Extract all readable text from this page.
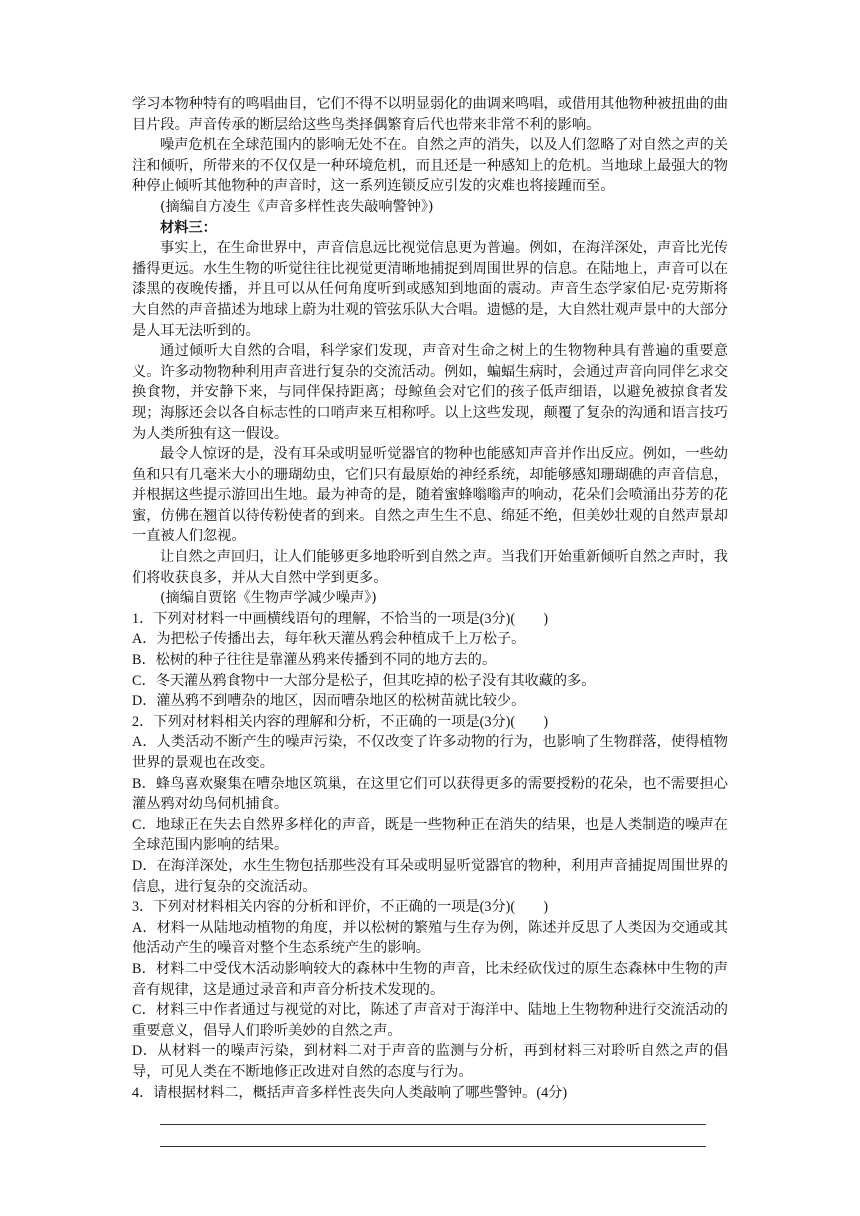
学习本物种特有的鸣唱曲目，它们不得不以明显弱化的曲调来鸣唱，或借用其他物种被扭曲的曲目片段。声音传承的断层给这些鸟类择偶繁育后代也带来非常不利的影响。

噪声危机在全球范围内的影响无处不在。自然之声的消失，以及人们忽略了对自然之声的关注和倾听，所带来的不仅仅是一种环境危机，而且还是一种感知上的危机。当地球上最强大的物种停止倾听其他物种的声音时，这一系列连锁反应引发的灾难也将接踵而至。

(摘编自方凌生《声音多样性丧失敲响警钟》)

材料三：

事实上，在生命世界中，声音信息远比视觉信息更为普遍。例如，在海洋深处，声音比光传播得更远。水生生物的听觉往往比视觉更清晰地捕捉到周围世界的信息。在陆地上，声音可以在漆黑的夜晚传播，并且可以从任何角度听到或感知到地面的震动。声音生态学家伯尼·克劳斯将大自然的声音描述为地球上蔚为壮观的管弦乐队大合唱。遗憾的是，大自然壮观声景中的大部分是人耳无法听到的。

通过倾听大自然的合唱，科学家们发现，声音对生命之树上的生物物种具有普遍的重要意义。许多动物物种利用声音进行复杂的交流活动。例如，蝙蝠生病时，会通过声音向同伴乞求交换食物，并安静下来，与同伴保持距离；母鲸鱼会对它们的孩子低声细语，以避免被掠食者发现；海豚还会以各自标志性的口哨声来互相称呼。以上这些发现，颠覆了复杂的沟通和语言技巧为人类所独有这一假设。

最令人惊讶的是，没有耳朵或明显听觉器官的物种也能感知声音并作出反应。例如，一些幼鱼和只有几毫米大小的珊瑚幼虫，它们只有最原始的神经系统，却能够感知珊瑚礁的声音信息，并根据这些提示游回出生地。最为神奇的是，随着蜜蜂嗡嗡声的响动，花朵们会喷涌出芬芳的花蜜，仿佛在翘首以待传粉使者的到来。自然之声生生不息、绵延不绝，但美妙壮观的自然声景却一直被人们忽视。

让自然之声回归，让人们能够更多地聆听到自然之声。当我们开始重新倾听自然之声时，我们将收获良多，并从大自然中学到更多。

(摘编自贾铭《生物声学减少噪声》)

1．下列对材料一中画横线语句的理解，不恰当的一项是(3分)(　　)

A．为把松子传播出去，每年秋天灌丛鸦会种植成千上万松子。

B．松树的种子往往是靠灌丛鸦来传播到不同的地方去的。

C．冬天灌丛鸦食物中一大部分是松子，但其吃掉的松子没有其收藏的多。

D．灌丛鸦不到嘈杂的地区，因而嘈杂地区的松树苗就比较少。

2．下列对材料相关内容的理解和分析，不正确的一项是(3分)(　　)

A．人类活动不断产生的噪声污染，不仅改变了许多动物的行为，也影响了生物群落，使得植物世界的景观也在改变。

B．蜂鸟喜欢聚集在嘈杂地区筑巢，在这里它们可以获得更多的需要授粉的花朵，也不需要担心灌丛鸦对幼鸟伺机捕食。

C．地球正在失去自然界多样化的声音，既是一些物种正在消失的结果，也是人类制造的噪声在全球范围内影响的结果。

D．在海洋深处，水生生物包括那些没有耳朵或明显听觉器官的物种，利用声音捕捉周围世界的信息，进行复杂的交流活动。

3．下列对材料相关内容的分析和评价，不正确的一项是(3分)(　　)

A．材料一从陆地动植物的角度，并以松树的繁殖与生存为例，陈述并反思了人类因为交通或其他活动产生的噪音对整个生态系统产生的影响。

B．材料二中受伐木活动影响较大的森林中生物的声音，比未经砍伐过的原生态森林中生物的声音有规律，这是通过录音和声音分析技术发现的。

C．材料三中作者通过与视觉的对比，陈述了声音对于海洋中、陆地上生物物种进行交流活动的重要意义，倡导人们聆听美妙的自然之声。

D．从材料一的噪声污染，到材料二对于声音的监测与分析，再到材料三对聆听自然之声的倡导，可见人类在不断地修正改进对自然的态度与行为。

4．请根据材料二，概括声音多样性丧失向人类敲响了哪些警钟。(4分)
